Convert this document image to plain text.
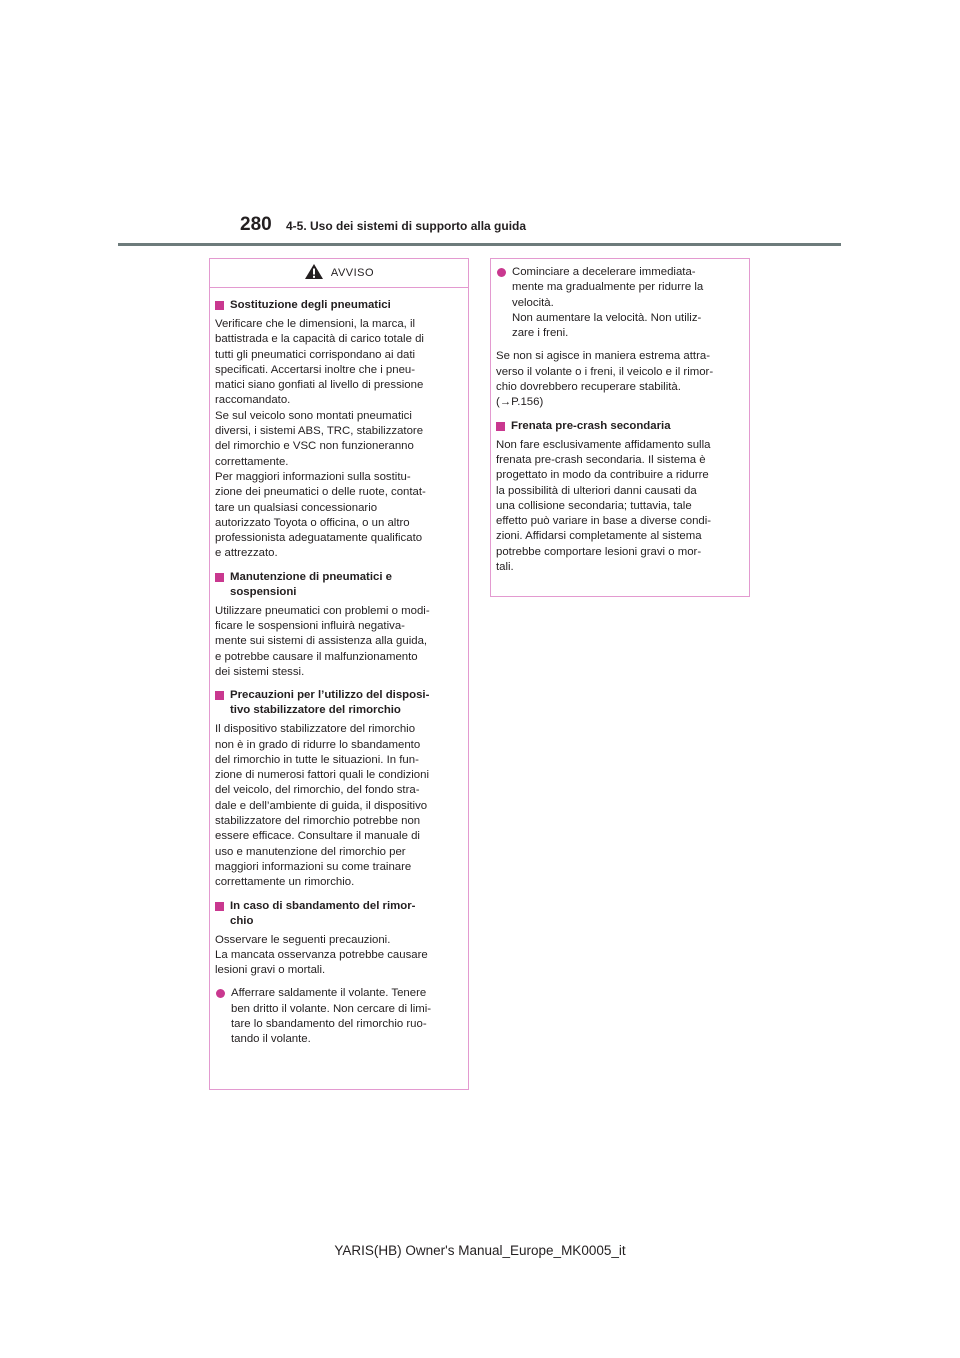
280 4-5. Uso dei sistemi di supporto alla guida
AVVISO
Sostituzione degli pneumatici

Verificare che le dimensioni, la marca, il
battistrada e la capacità di carico totale di
tutti gli pneumatici corrispondano ai dati
specificati. Accertarsi inoltre che i pneu-
matici siano gonfiati al livello di pressione
raccomandato.
Se sul veicolo sono montati pneumatici
diversi, i sistemi ABS, TRC, stabilizzatore
del rimorchio e VSC non funzioneranno
correttamente.
Per maggiori informazioni sulla sostitu-
zione dei pneumatici o delle ruote, contat-
tare un qualsiasi concessionario
autorizzato Toyota o officina, o un altro
professionista adeguatamente qualificato
e attrezzato.

Manutenzione di pneumatici e
sospensioni

Utilizzare pneumatici con problemi o modi-
ficare le sospensioni influirà negativa-
mente sui sistemi di assistenza alla guida,
e potrebbe causare il malfunzionamento
dei sistemi stessi.

Precauzioni per l’utilizzo del disposi-
tivo stabilizzatore del rimorchio

Il dispositivo stabilizzatore del rimorchio
non è in grado di ridurre lo sbandamento
del rimorchio in tutte le situazioni. In fun-
zione di numerosi fattori quali le condizioni
del veicolo, del rimorchio, del fondo stra-
dale e dell’ambiente di guida, il dispositivo
stabilizzatore del rimorchio potrebbe non
essere efficace. Consultare il manuale di
uso e manutenzione del rimorchio per
maggiori informazioni su come trainare
correttamente un rimorchio.

In caso di sbandamento del rimor-
chio

Osservare le seguenti precauzioni.
La mancata osservanza potrebbe causare
lesioni gravi o mortali.

Afferrare saldamente il volante. Tenere
ben dritto il volante. Non cercare di limi-
tare lo sbandamento del rimorchio ruo-
tando il volante.
Cominciare a decelerare immediata-
mente ma gradualmente per ridurre la
velocità.
Non aumentare la velocità. Non utiliz-
zare i freni.

Se non si agisce in maniera estrema attra-
verso il volante o i freni, il veicolo e il rimor-
chio dovrebbero recuperare stabilità.
(→P.156)

Frenata pre-crash secondaria

Non fare esclusivamente affidamento sulla
frenata pre-crash secondaria. Il sistema è
progettato in modo da contribuire a ridurre
la possibilità di ulteriori danni causati da
una collisione secondaria; tuttavia, tale
effetto può variare in base a diverse condi-
zioni. Affidarsi completamente al sistema
potrebbe comportare lesioni gravi o mor-
tali.

YARIS(HB) Owner's Manual_Europe_MK0005_it
